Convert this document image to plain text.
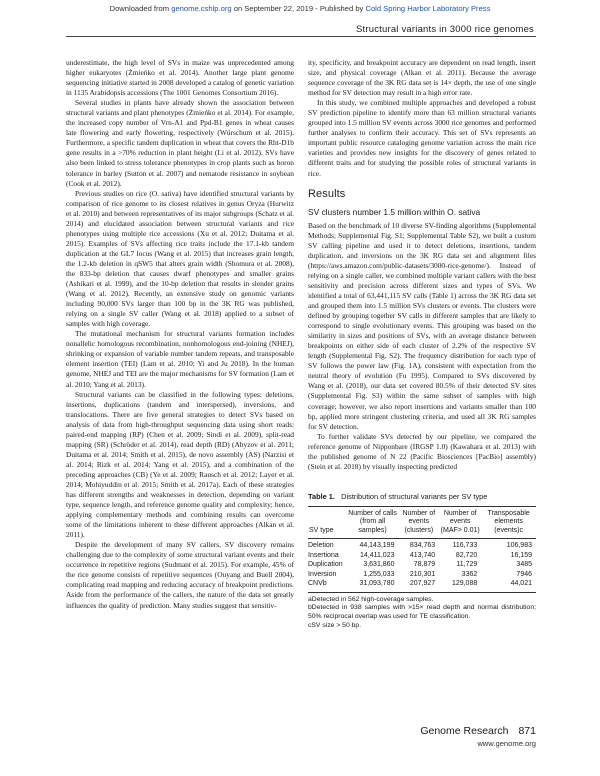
Downloaded from genome.cshlp.org on September 22, 2019 - Published by Cold Spring Harbor Laboratory Press
Structural variants in 3000 rice genomes

underestimate, the high level of SVs in maize was unprecedented among higher eukaryotes (Żmieńko et al. 2014). Another large plant genome sequencing initiative started in 2008 developed a catalog of genetic variation in 1135 Arabidopsis accessions (The 1001 Genomes Consortium 2016).

Several studies in plants have already shown the association between structural variants and plant phenotypes (Żmieńko et al. 2014). For example, the increased copy number of Vrn-A1 and Ppd-B1 genes in wheat causes late flowering and early flowering, respectively (Würschum et al. 2015). Furthermore, a specific tandem duplication in wheat that covers the Rht-D1b gene results in a >70% reduction in plant height (Li et al. 2012). SVs have also been linked to stress tolerance phenotypes in crop plants such as boron tolerance in barley (Sutton et al. 2007) and nematode resistance in soybean (Cook et al. 2012).

Previous studies on rice (O. sativa) have identified structural variants by comparison of rice genome to its closest relatives in genus Oryza (Hurwitz et al. 2010) and between representatives of its major subgroups (Schatz et al. 2014) and elucidated association between structural variants and rice phenotypes using multiple rice accessions (Xu et al. 2012; Duitama et al. 2015). Examples of SVs affecting rice traits include the 17.1-kb tandem duplication at the GL7 locus (Wang et al. 2015) that increases grain length, the 1.2-kb deletion in qSW5 that alters grain width (Shomura et al. 2008), the 833-bp deletion that causes dwarf phenotypes and smaller grains (Ashikari et al. 1999), and the 10-bp deletion that results in slender grains (Wang et al. 2012). Recently, an extensive study on genomic variants including 90,000 SVs larger than 100 bp in the 3K RG was published, relying on a single SV caller (Wang et al. 2018) applied to a subset of samples with high coverage.

The mutational mechanism for structural variants formation includes nonallelic homologous recombination, nonhomologous end-joining (NHEJ), shrinking or expansion of variable number tandem repeats, and transposable element insertion (TEI) (Lam et al. 2010; Yi and Ju 2018). In the human genome, NHEJ and TEI are the major mechanisms for SV formation (Lam et al. 2010; Yang et al. 2013).

Structural variants can be classified in the following types: deletions, insertions, duplications (tandem and interspersed), inversions, and translocations. There are five general strategies to detect SVs based on analysis of data from high-throughput sequencing data using short reads: paired-end mapping (RP) (Chen et al. 2009; Sindi et al. 2009), split-read mapping (SR) (Schröder et al. 2014), read depth (RD) (Abyzov et al. 2011; Duitama et al. 2014; Smith et al. 2015), de novo assembly (AS) (Narzisi et al. 2014; Rizk et al. 2014; Yang et al. 2015), and a combination of the preceding approaches (CB) (Ye et al. 2009; Rausch et al. 2012; Layer et al. 2014; Mohiyuddin et al. 2015; Smith et al. 2017a). Each of these strategies has different strengths and weaknesses in detection, depending on variant type, sequence length, and reference genome quality and complexity; hence, applying complementary methods and combining results can overcome some of the limitations inherent to these different approaches (Alkan et al. 2011).

Despite the development of many SV callers, SV discovery remains challenging due to the complexity of some structural variant events and their occurrence in repetitive regions (Sudmant et al. 2015). For example, 45% of the rice genome consists of repetitive sequences (Ouyang and Buell 2004), complicating read mapping and reducing accuracy of breakpoint predictions. Aside from the performance of the callers, the nature of the data set greatly influences the quality of prediction. Many studies suggest that sensitiv-

ity, specificity, and breakpoint accuracy are dependent on read length, insert size, and physical coverage (Alkan et al. 2011). Because the average sequence coverage of the 3K RG data set is 14× depth, the use of one single method for SV detection may result in a high error rate.

In this study, we combined multiple approaches and developed a robust SV prediction pipeline to identify more than 63 million structural variants grouped into 1.5 million SV events across 3000 rice genomes and performed further analyses to confirm their accuracy. This set of SVs represents an important public resource cataloging genome variation across the main rice varieties and provides new insights for the discovery of genes related to different traits and for studying the possible roles of structural variants in rice.

Results
SV clusters number 1.5 million within O. sativa

Based on the benchmark of 10 diverse SV-finding algorithms (Supplemental Methods; Supplemental Fig. S1; Supplemental Table S2), we built a custom SV calling pipeline and used it to detect deletions, insertions, tandem duplication, and inversions on the 3K RG data set and alignment files (https://aws.amazon.com/public-datasets/3000-rice-genome/). Instead of relying on a single caller, we combined multiple variant callers with the best sensitivity and precision across different sizes and types of SVs. We identified a total of 63,441,115 SV calls (Table 1) across the 3K RG data set and grouped them into 1.5 million SVs clusters or events. The clusters were defined by grouping together SV calls in different samples that are likely to correspond to single evolutionary events. This grouping was based on the similarity in sizes and positions of SVs, with an average distance between breakpoints on either side of each cluster of 2.2% of the respective SV length (Supplemental Fig. S2). The frequency distribution for each type of SV follows the power law (Fig. 1A), consistent with expectation from the neutral theory of evolution (Fu 1995). Compared to SVs discovered by Wang et al. (2018), our data set covered 80.5% of their detected SV sites (Supplemental Fig. S3) within the same subset of samples with high coverage; however, we also report insertions and variants smaller than 100 bp, applied more stringent clustering criteria, and used all 3K RG samples for SV detection.

To further validate SVs detected by our pipeline, we compared the reference genome of Nipponbare (IRGSP 1.0) (Kawahara et al. 2013) with the published genome of N 22 (Pacific Biosciences [PacBio] assembly) (Stein et al. 2018) by visually inspecting predicted

Table 1. Distribution of structural variants per SV type
SV type	Number of calls (from all samples)	Number of events (clusters)	Number of events (MAF> 0.01)	Transposable elements (events)c
Deletion	44,143,199	834,763	116,733	106,983
Insertiona	14,411,023	413,740	82,720	16,159
Duplication	3,631,860	78,879	11,729	3485
Inversion	1,255,033	210,301	3362	7946
CNVb	31,093,780	207,927	129,088	44,021
aDetected in 562 high-coverage samples.
bDetected in 938 samples with >15× read depth and normal distribution; 50% reciprocal overlap was used for TE classification.
cSV size > 50 bp.
Genome Research 871
www.genome.org
